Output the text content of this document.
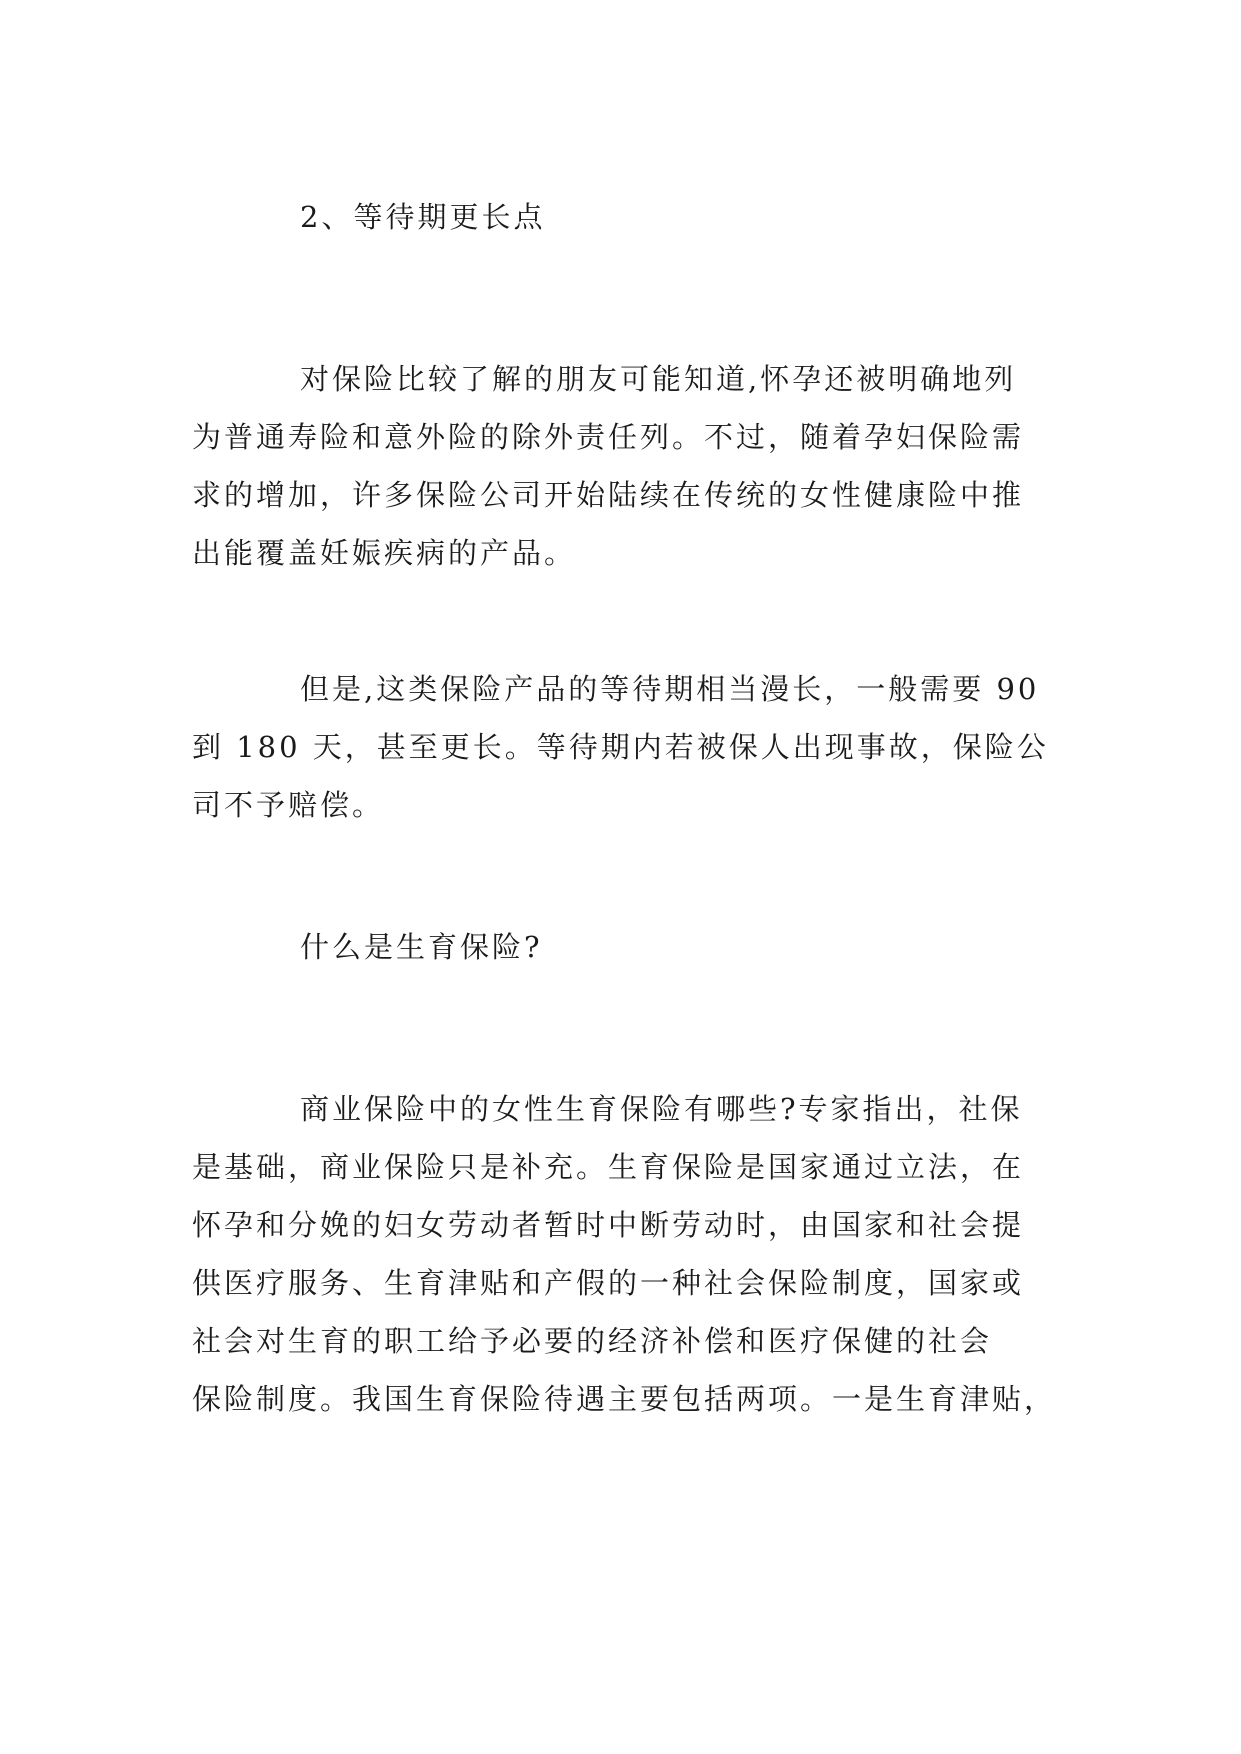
2、等待期更长点

对保险比较了解的朋友可能知道,怀孕还被明确地列
为普通寿险和意外险的除外责任列。不过，随着孕妇保险需
求的增加，许多保险公司开始陆续在传统的女性健康险中推
出能覆盖妊娠疾病的产品。
但是,这类保险产品的等待期相当漫长，一般需要 90
到 180 天，甚至更长。等待期内若被保人出现事故，保险公
司不予赔偿。

什么是生育保险?

商业保险中的女性生育保险有哪些?专家指出，社保
是基础，商业保险只是补充。生育保险是国家通过立法，在
怀孕和分娩的妇女劳动者暂时中断劳动时，由国家和社会提
供医疗服务、生育津贴和产假的一种社会保险制度，国家或
社会对生育的职工给予必要的经济补偿和医疗保健的社会
保险制度。我国生育保险待遇主要包括两项。一是生育津贴，
